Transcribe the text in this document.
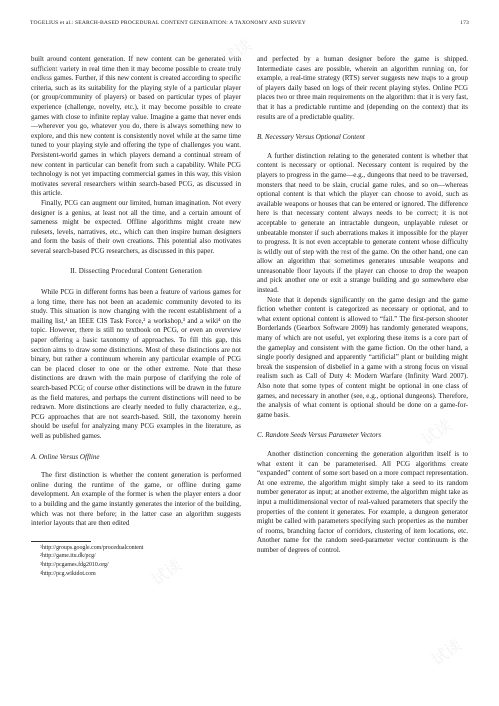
TOGELIUS et al.: SEARCH-BASED PROCEDURAL CONTENT GENERATION: A TAXONOMY AND SURVEY	173

built around content generation. If new content can be generated with sufficient variety in real time then it may become possible to create truly endless games. Further, if this new content is created according to specific criteria, such as its suitability for the playing style of a particular player (or group/community of players) or based on particular types of player experience (challenge, novelty, etc.), it may become possible to create games with close to infinite replay value. Imagine a game that never ends—wherever you go, whatever you do, there is always something new to explore, and this new content is consistently novel while at the same time tuned to your playing style and offering the type of challenges you want. Persistent-world games in which players demand a continual stream of new content in particular can benefit from such a capability. While PCG technology is not yet impacting commercial games in this way, this vision motivates several researchers within search-based PCG, as discussed in this article.

Finally, PCG can augment our limited, human imagination. Not every designer is a genius, at least not all the time, and a certain amount of sameness might be expected. Offline algorithms might create new rulesets, levels, narratives, etc., which can then inspire human designers and form the basis of their own creations. This potential also motivates several search-based PCG researchers, as discussed in this paper.

II. Dissecting Procedural Content Generation

While PCG in different forms has been a feature of various games for a long time, there has not been an academic community devoted to its study. This situation is now changing with the recent establishment of a mailing list,¹ an IEEE CIS Task Force,² a workshop,³ and a wiki⁴ on the topic. However, there is still no textbook on PCG, or even an overview paper offering a basic taxonomy of approaches. To fill this gap, this section aims to draw some distinctions. Most of these distinctions are not binary, but rather a continuum wherein any particular example of PCG can be placed closer to one or the other extreme. Note that these distinctions are drawn with the main purpose of clarifying the role of search-based PCG; of course other distinctions will be drawn in the future as the field matures, and perhaps the current distinctions will need to be redrawn. More distinctions are clearly needed to fully characterize, e.g., PCG approaches that are not search-based. Still, the taxonomy herein should be useful for analyzing many PCG examples in the literature, as well as published games.

A. Online Versus Offline

The first distinction is whether the content generation is performed online during the runtime of the game, or offline during game development. An example of the former is when the player enters a door to a building and the game instantly generates the interior of the building, which was not there before; in the latter case an algorithm suggests interior layouts that are then edited

$^1$http://groups.google.com/procedualcontent
$^2$http://game.itu.dk/pcg/
$^3$http://pcgames.fdg2010.org/
$^4$http://pcg.wikidot.com

and perfected by a human designer before the game is shipped. Intermediate cases are possible, wherein an algorithm running on, for example, a real-time strategy (RTS) server suggests new maps to a group of players daily based on logs of their recent playing styles. Online PCG places two or three main requirements on the algorithm: that it is very fast, that it has a predictable runtime and (depending on the context) that its results are of a predictable quality.

B. Necessary Versus Optional Content

A further distinction relating to the generated content is whether that content is necessary or optional. Necessary content is required by the players to progress in the game—e.g., dungeons that need to be traversed, monsters that need to be slain, crucial game rules, and so on—whereas optional content is that which the player can choose to avoid, such as available weapons or houses that can be entered or ignored. The difference here is that necessary content always needs to be correct; it is not acceptable to generate an intractable dungeon, unplayable ruleset or unbeatable monster if such aberrations makes it impossible for the player to progress. It is not even acceptable to generate content whose difficulty is wildly out of step with the rest of the game. On the other hand, one can allow an algorithm that sometimes generates unusable weapons and unreasonable floor layouts if the player can choose to drop the weapon and pick another one or exit a strange building and go somewhere else instead.

Note that it depends significantly on the game design and the game fiction whether content is categorized as necessary or optional, and to what extent optional content is allowed to “fail.” The first-person shooter Borderlands (Gearbox Software 2009) has randomly generated weapons, many of which are not useful, yet exploring these items is a core part of the gameplay and consistent with the game fiction. On the other hand, a single poorly designed and apparently “artificial” plant or building might break the suspension of disbelief in a game with a strong focus on visual realism such as Call of Duty 4: Modern Warfare (Infinity Ward 2007). Also note that some types of content might be optional in one class of games, and necessary in another (see, e.g., optional dungeons). Therefore, the analysis of what content is optional should be done on a game-for-game basis.

C. Random Seeds Versus Parameter Vectors

Another distinction concerning the generation algorithm itself is to what extent it can be parameterised. All PCG algorithms create “expanded” content of some sort based on a more compact representation. At one extreme, the algorithm might simply take a seed to its random number generator as input; at another extreme, the algorithm might take as input a multidimensional vector of real-valued parameters that specify the properties of the content it generates. For example, a dungeon generator might be called with parameters specifying such properties as the number of rooms, branching factor of corridors, clustering of item locations, etc. Another name for the random seed-parameter vector continuum is the number of degrees of control.

试读
试读
试读
试读
试读
试读
试读
试读
